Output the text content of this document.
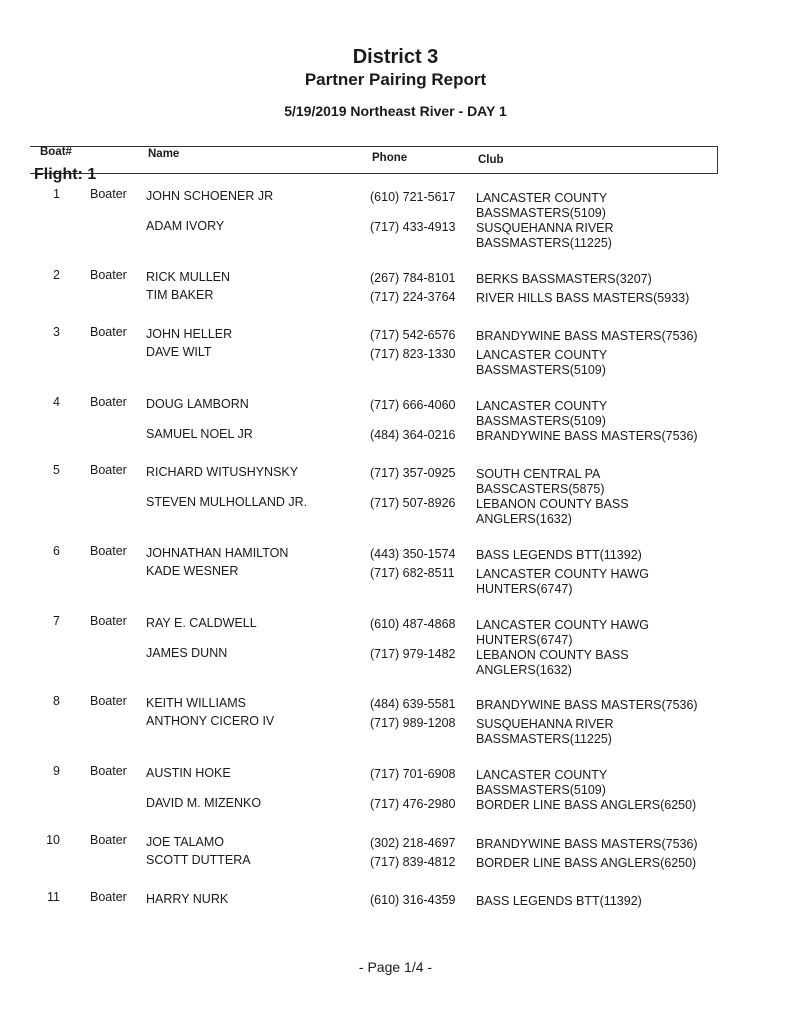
District 3
Partner Pairing Report
5/19/2019 Northeast River - DAY 1
Boat#	Name	Phone	Club
Flight: 1
1 Boater JOHN SCHOENER JR	(610) 721-5617 LANCASTER COUNTY BASSMASTERS(5109)
ADAM IVORY	(717) 433-4913 SUSQUEHANNA RIVER BASSMASTERS(11225)
2 Boater RICK MULLEN	(267) 784-8101 BERKS BASSMASTERS(3207)
TIM BAKER	(717) 224-3764 RIVER HILLS BASS MASTERS(5933)
3 Boater JOHN HELLER	(717) 542-6576 BRANDYWINE BASS MASTERS(7536)
DAVE WILT	(717) 823-1330 LANCASTER COUNTY BASSMASTERS(5109)
4 Boater DOUG LAMBORN	(717) 666-4060 LANCASTER COUNTY BASSMASTERS(5109)
SAMUEL NOEL JR	(484) 364-0216 BRANDYWINE BASS MASTERS(7536)
5 Boater RICHARD WITUSHYNSKY	(717) 357-0925 SOUTH CENTRAL PA BASSCASTERS(5875)
STEVEN MULHOLLAND JR.	(717) 507-8926 LEBANON COUNTY BASS ANGLERS(1632)
6 Boater JOHNATHAN HAMILTON	(443) 350-1574 BASS LEGENDS BTT(11392)
KADE WESNER	(717) 682-8511 LANCASTER COUNTY HAWG HUNTERS(6747)
7 Boater RAY E. CALDWELL	(610) 487-4868 LANCASTER COUNTY HAWG HUNTERS(6747)
JAMES DUNN	(717) 979-1482 LEBANON COUNTY BASS ANGLERS(1632)
8 Boater KEITH WILLIAMS	(484) 639-5581 BRANDYWINE BASS MASTERS(7536)
ANTHONY CICERO IV	(717) 989-1208 SUSQUEHANNA RIVER BASSMASTERS(11225)
9 Boater AUSTIN HOKE	(717) 701-6908 LANCASTER COUNTY BASSMASTERS(5109)
DAVID M. MIZENKO	(717) 476-2980 BORDER LINE BASS ANGLERS(6250)
10 Boater JOE TALAMO	(302) 218-4697 BRANDYWINE BASS MASTERS(7536)
SCOTT DUTTERA	(717) 839-4812 BORDER LINE BASS ANGLERS(6250)
11 Boater HARRY NURK	(610) 316-4359 BASS LEGENDS BTT(11392)
- Page 1/4 -
